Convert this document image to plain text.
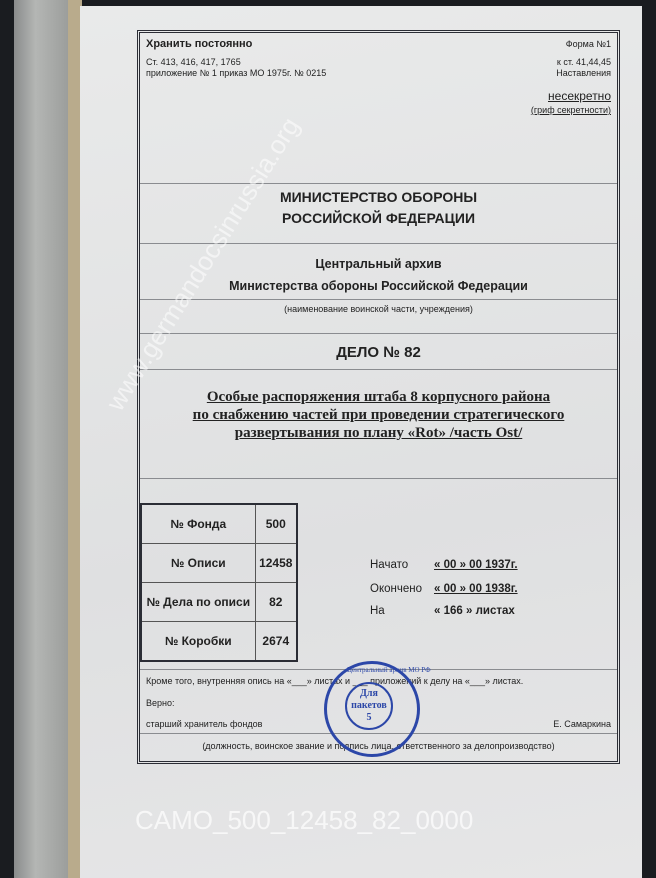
Хранить постоянно	Форма №1
Ст. 413, 416, 417, 1765
приложение № 1 приказ МО 1975г. № 0215
к ст. 41,44,45
Наставления
несекретно
(гриф секретности)
МИНИСТЕРСТВО ОБОРОНЫ
РОССИЙСКОЙ ФЕДЕРАЦИИ
Центральный архив
Министерства обороны Российской Федерации
(наименование воинской части, учреждения)
ДЕЛО № 82
Особые распоряжения штаба 8 корпусного района
по снабжению частей при проведении стратегического
развертывания по плану «Rot» /часть Ost/
№ Фонда	500
№ Описи	12458
№ Дела по описи	82
№ Коробки	2674
Начато « 00 » 00 1937г.
Окончено « 00 » 00 1938г.
На	« 166 » листах
Кроме того, внутренняя опись на «___» листах и ___ приложений к делу на «___» листах.
Верно:
старший хранитель фондов	Е. Самаркина
(должность, воинское звание и подпись лица, ответственного за делопроизводство)
Центральный архив МО РФ
Для
пакетов
5
www.germandocsinrussia.org
CAMO_500_12458_82_0000
